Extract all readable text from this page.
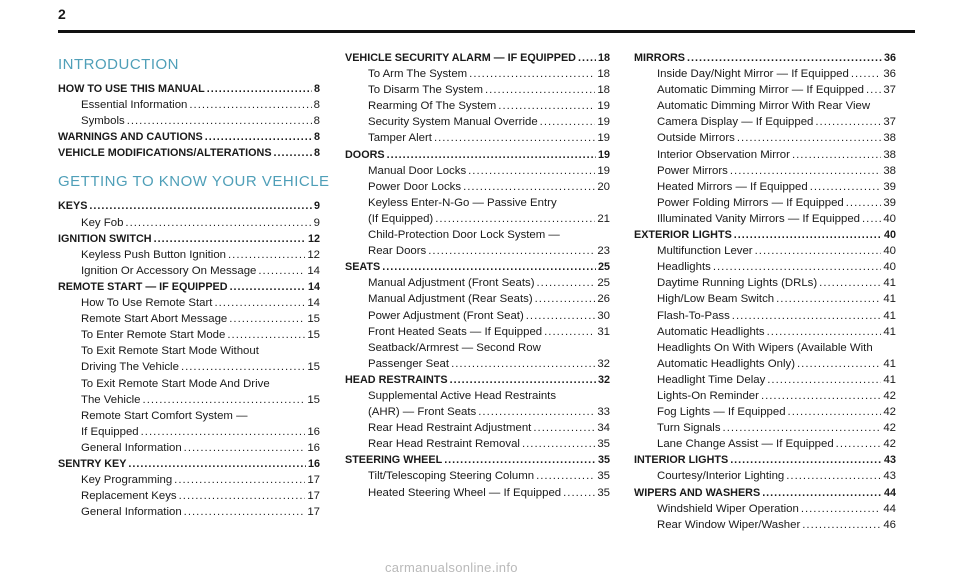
2
INTRODUCTION
HOW TO USE THIS MANUAL .....	8
Essential Information .....	8
Symbols .....	8
WARNINGS AND CAUTIONS .....	8
VEHICLE MODIFICATIONS/ALTERATIONS .....	8
GETTING TO KNOW YOUR VEHICLE
KEYS .....	9
Key Fob .....	9
IGNITION SWITCH .....	12
Keyless Push Button Ignition .....	12
Ignition Or Accessory On Message .....	14
REMOTE START — IF EQUIPPED .....	14
How To Use Remote Start .....	14
Remote Start Abort Message .....	15
To Enter Remote Start Mode .....	15
To Exit Remote Start Mode Without
Driving The Vehicle .....	15
To Exit Remote Start Mode And Drive
The Vehicle .....	15
Remote Start Comfort System —
If Equipped .....	16
General Information .....	16
SENTRY KEY .....	16
Key Programming .....	17
Replacement Keys .....	17
General Information .....	17
VEHICLE SECURITY ALARM — IF EQUIPPED ..... 18
To Arm The System .....	18
To Disarm The System .....	18
Rearming Of The System .....	19
Security System Manual Override .....	19
Tamper Alert .....	19
DOORS .....	19
Manual Door Locks .....	19
Power Door Locks .....	20
Keyless Enter-N-Go — Passive Entry
(If Equipped) .....	21
Child-Protection Door Lock System —
Rear Doors .....	23
SEATS .....	25
Manual Adjustment (Front Seats) .....	25
Manual Adjustment (Rear Seats) .....	26
Power Adjustment (Front Seat) .....	30
Front Heated Seats — If Equipped .....	31
Seatback/Armrest — Second Row
Passenger Seat .....	32
HEAD RESTRAINTS .....	32
Supplemental Active Head Restraints
(AHR) — Front Seats .....	33
Rear Head Restraint Adjustment .....	34
Rear Head Restraint Removal .....	35
STEERING WHEEL .....	35
Tilt/Telescoping Steering Column .....	35
Heated Steering Wheel — If Equipped .....	35
MIRRORS .....	36
Inside Day/Night Mirror — If Equipped .....	36
Automatic Dimming Mirror — If Equipped ..... 37
Automatic Dimming Mirror With Rear View
Camera Display — If Equipped .....	37
Outside Mirrors .....	38
Interior Observation Mirror .....	38
Power Mirrors .....	38
Heated Mirrors — If Equipped .....	39
Power Folding Mirrors — If Equipped .....	39
Illuminated Vanity Mirrors — If Equipped ..... 40
EXTERIOR LIGHTS .....	40
Multifunction Lever .....	40
Headlights .....	40
Daytime Running Lights (DRLs) .....	41
High/Low Beam Switch .....	41
Flash-To-Pass .....	41
Automatic Headlights .....	41
Headlights On With Wipers (Available With
Automatic Headlights Only) .....	41
Headlight Time Delay .....	41
Lights-On Reminder .....	42
Fog Lights — If Equipped .....	42
Turn Signals .....	42
Lane Change Assist — If Equipped .....	42
INTERIOR LIGHTS .....	43
Courtesy/Interior Lighting .....	43
WIPERS AND WASHERS .....	44
Windshield Wiper Operation .....	44
Rear Window Wiper/Washer .....	46
carmanualsonline.info
